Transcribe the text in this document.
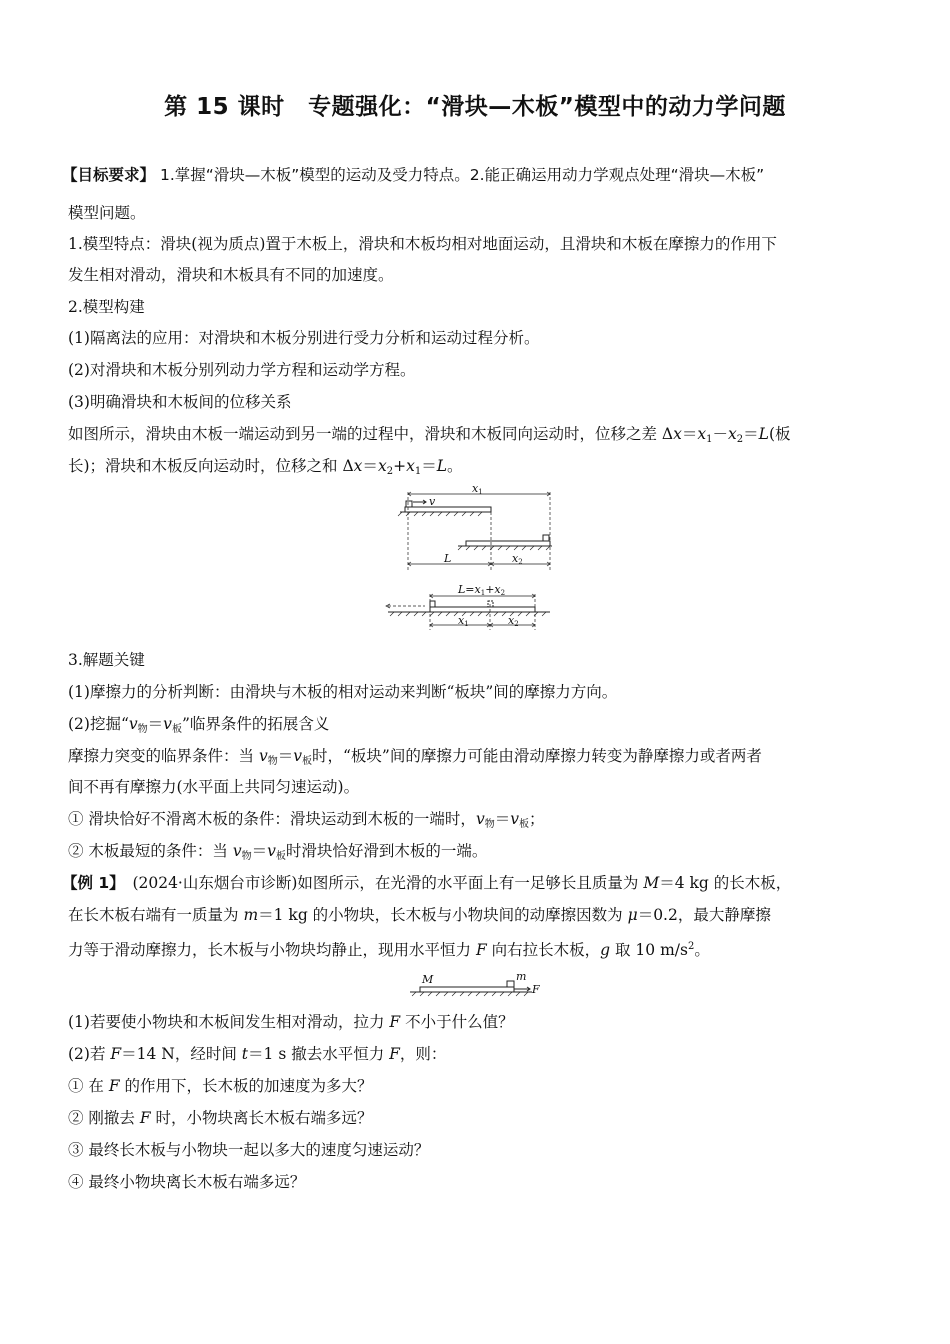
第 15 课时　专题强化：“滑块—木板”模型中的动力学问题
【目标要求】 1.掌握“滑块—木板”模型的运动及受力特点。2.能正确运用动力学观点处理“滑块—木板”
模型问题。
1.模型特点：滑块(视为质点)置于木板上，滑块和木板均相对地面运动，且滑块和木板在摩擦力的作用下
发生相对滑动，滑块和木板具有不同的加速度。
2.模型构建
(1)隔离法的应用：对滑块和木板分别进行受力分析和运动过程分析。
(2)对滑块和木板分别列动力学方程和运动学方程。
(3)明确滑块和木板间的位移关系
如图所示，滑块由木板一端运动到另一端的过程中，滑块和木板同向运动时，位移之差 $\Delta x=x_1-x_2=L$(板
长)；滑块和木板反向运动时，位移之和 $\Delta x=x_2+x_1=L$。
v
x1
L	x2
L=x1+x2
x1	x2
3.解题关键
(1)摩擦力的分析判断：由滑块与木板的相对运动来判断“板块”间的摩擦力方向。
(2)挖掘“$v_物=v_板$”临界条件的拓展含义
摩擦力突变的临界条件：当 $v_物=v_板$时，“板块”间的摩擦力可能由滑动摩擦力转变为静摩擦力或者两者
间不再有摩擦力(水平面上共同匀速运动)。
① 滑块恰好不滑离木板的条件：滑块运动到木板的一端时，$v_物=v_板$；
② 木板最短的条件：当 $v_物=v_板$时滑块恰好滑到木板的一端。
【例 1】　(2024·山东烟台市诊断)如图所示，在光滑的水平面上有一足够长且质量为 M＝4 kg 的长木板，
在长木板右端有一质量为 m＝1 kg 的小物块，长木板与小物块间的动摩擦因数为 μ＝0.2，最大静摩擦
力等于滑动摩擦力，长木板与小物块均静止，现用水平恒力 F 向右拉长木板，g 取 10 $m/s^2$。
M	m
F
(1)若要使小物块和木板间发生相对滑动，拉力 F 不小于什么值？
(2)若 F＝14 N，经时间 t＝1 s 撤去水平恒力 F，则：
① 在 F 的作用下，长木板的加速度为多大？
② 刚撤去 F 时，小物块离长木板右端多远？
③ 最终长木板与小物块一起以多大的速度匀速运动？
④ 最终小物块离长木板右端多远？
